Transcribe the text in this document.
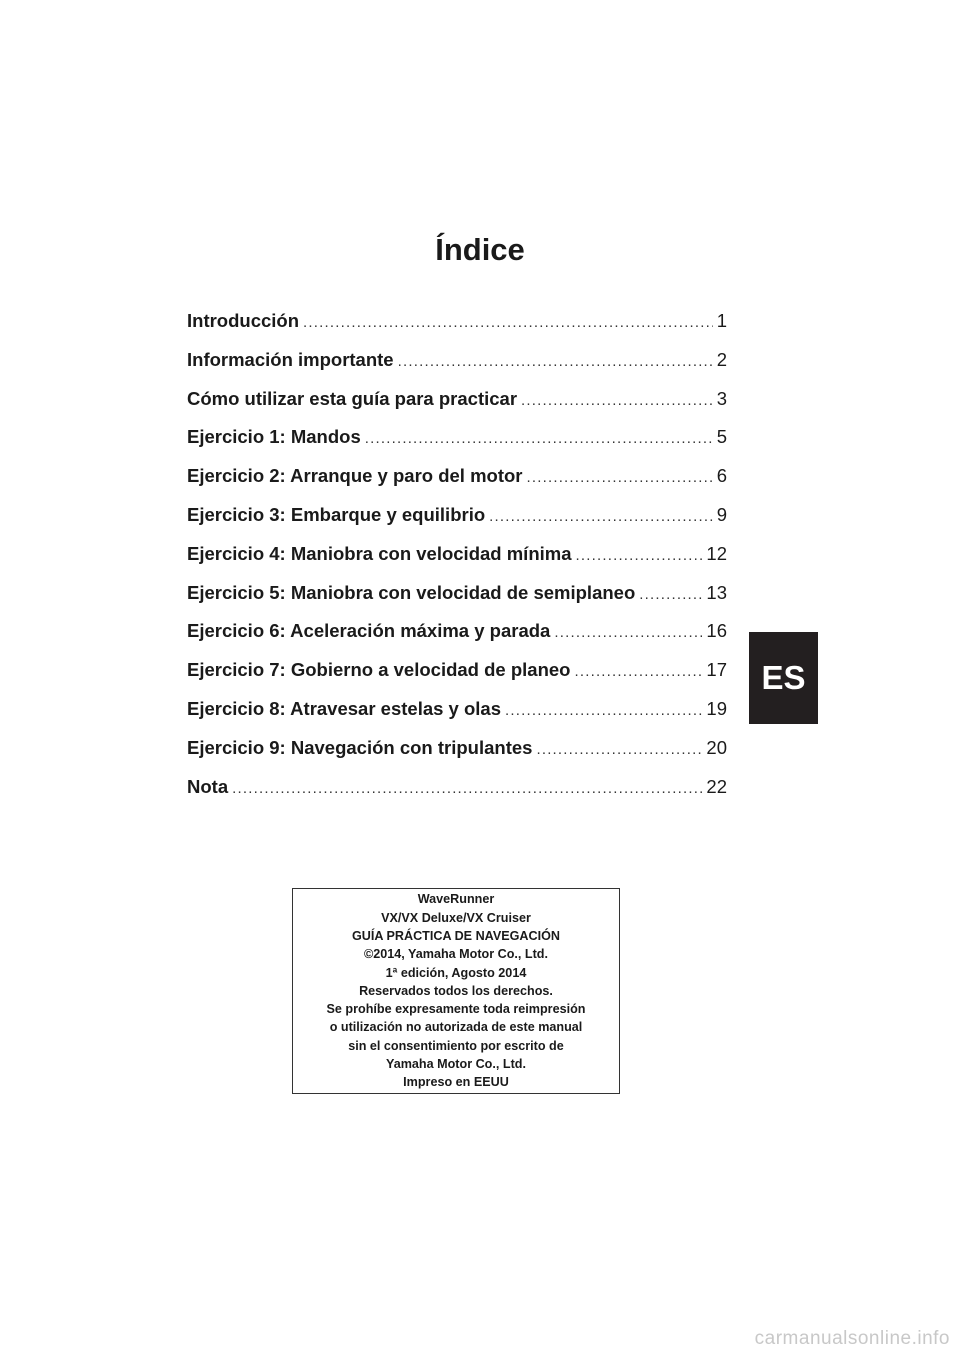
Índice
Introducción .....	1
Información importante .....	2
Cómo utilizar esta guía para practicar .....	3
Ejercicio 1: Mandos .....	5
Ejercicio 2: Arranque y paro del motor .....	6
Ejercicio 3: Embarque y equilibrio .....	9
Ejercicio 4: Maniobra con velocidad mínima .....	12
Ejercicio 5: Maniobra con velocidad de semiplaneo .....	13
Ejercicio 6: Aceleración máxima y parada .....	16
Ejercicio 7: Gobierno a velocidad de planeo .....	17
Ejercicio 8: Atravesar estelas y olas .....	19
Ejercicio 9: Navegación con tripulantes .....	20
Nota .....	22
ES
WaveRunner
VX/VX Deluxe/VX Cruiser
GUÍA PRÁCTICA DE NAVEGACIÓN
©2014, Yamaha Motor Co., Ltd.
1ª edición, Agosto 2014
Reservados todos los derechos.
Se prohíbe expresamente toda reimpresión
o utilización no autorizada de este manual
sin el consentimiento por escrito de
Yamaha Motor Co., Ltd.
Impreso en EEUU
carmanualsonline.info
